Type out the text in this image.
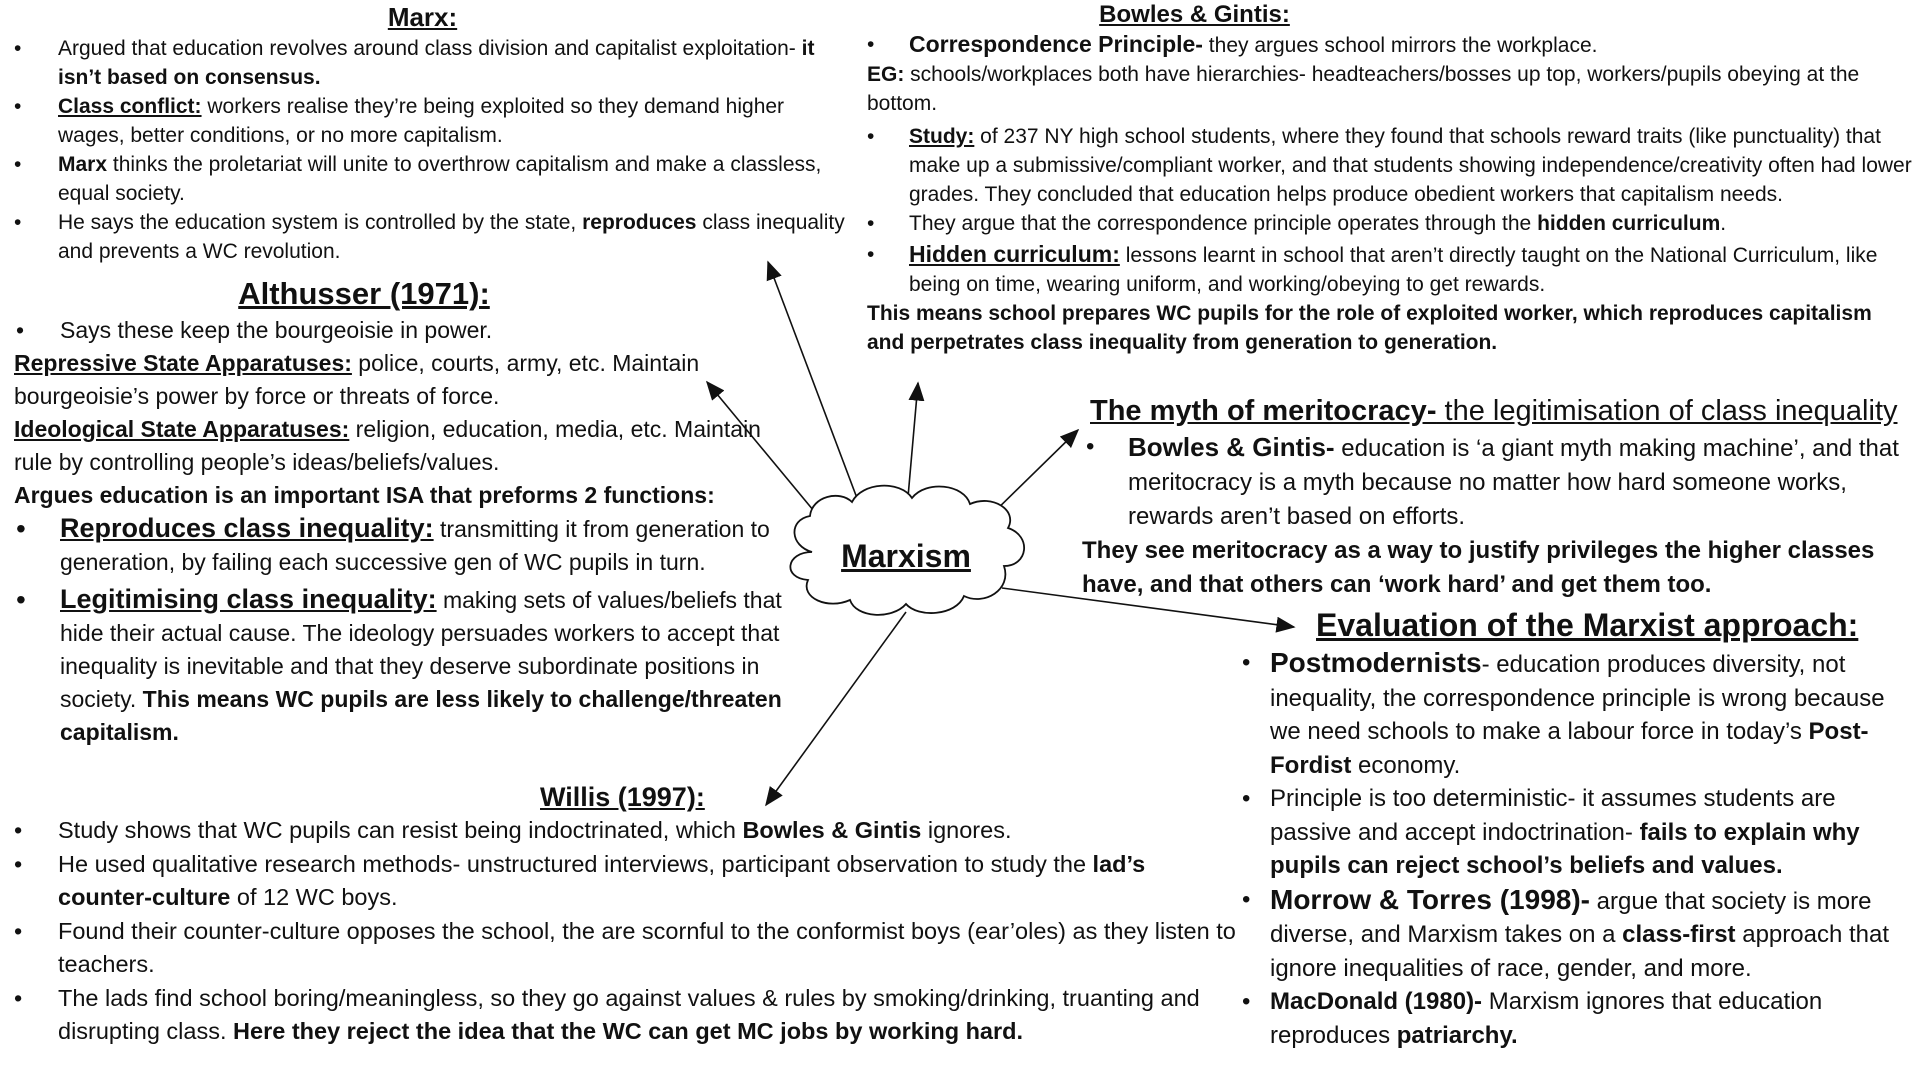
Marxism
Marx:
• Argued that education revolves around class division and capitalist exploitation- it isn’t based on consensus.
• Class conflict: workers realise they’re being exploited so they demand higher wages, better conditions, or no more capitalism.
• Marx thinks the proletariat will unite to overthrow capitalism and make a classless, equal society.
• He says the education system is controlled by the state, reproduces class inequality and prevents a WC revolution.
Bowles & Gintis:
• Correspondence Principle- they argues school mirrors the workplace.

EG: schools/workplaces both have hierarchies- headteachers/bosses up top, workers/pupils obeying at the bottom.

• Study: of 237 NY high school students, where they found that schools reward traits (like punctuality) that make up a submissive/compliant worker, and that students showing independence/creativity often had lower grades. They concluded that education helps produce obedient workers that capitalism needs.
• They argue that the correspondence principle operates through the hidden curriculum.
• Hidden curriculum: lessons learnt in school that aren’t directly taught on the National Curriculum, like being on time, wearing uniform, and working/obeying to get rewards.

This means school prepares WC pupils for the role of exploited worker, which reproduces capitalism and perpetrates class inequality from generation to generation.

Althusser (1971):
• Says these keep the bourgeoisie in power.

Repressive State Apparatuses: police, courts, army, etc. Maintain bourgeoisie’s power by force or threats of force.

Ideological State Apparatuses: religion, education, media, etc. Maintain rule by controlling people’s ideas/beliefs/values.

Argues education is an important ISA that preforms 2 functions:

• Reproduces class inequality: transmitting it from generation to generation, by failing each successive gen of WC pupils in turn.
• Legitimising class inequality: making sets of values/beliefs that hide their actual cause. The ideology persuades workers to accept that inequality is inevitable and that they deserve subordinate positions in society. This means WC pupils are less likely to challenge/threaten capitalism.
The myth of meritocracy- the legitimisation of class inequality
• Bowles & Gintis- education is ‘a giant myth making machine’, and that meritocracy is a myth because no matter how hard someone works, rewards aren’t based on efforts.

They see meritocracy as a way to justify privileges the higher classes have, and that others can ‘work hard’ and get them too.

Evaluation of the Marxist approach:
• Postmodernists- education produces diversity, not inequality, the correspondence principle is wrong because we need schools to make a labour force in today’s Post-Fordist economy.
• Principle is too deterministic- it assumes students are passive and accept indoctrination- fails to explain why pupils can reject school’s beliefs and values.
• Morrow & Torres (1998)- argue that society is more diverse, and Marxism takes on a class-first approach that ignore inequalities of race, gender, and more.
• MacDonald (1980)- Marxism ignores that education reproduces patriarchy.
Willis (1997):
• Study shows that WC pupils can resist being indoctrinated, which Bowles & Gintis ignores.
• He used qualitative research methods- unstructured interviews, participant observation to study the lad’s counter-culture of 12 WC boys.
• Found their counter-culture opposes the school, the are scornful to the conformist boys (ear’oles) as they listen to teachers.
• The lads find school boring/meaningless, so they go against values & rules by smoking/drinking, truanting and disrupting class. Here they reject the idea that the WC can get MC jobs by working hard.
